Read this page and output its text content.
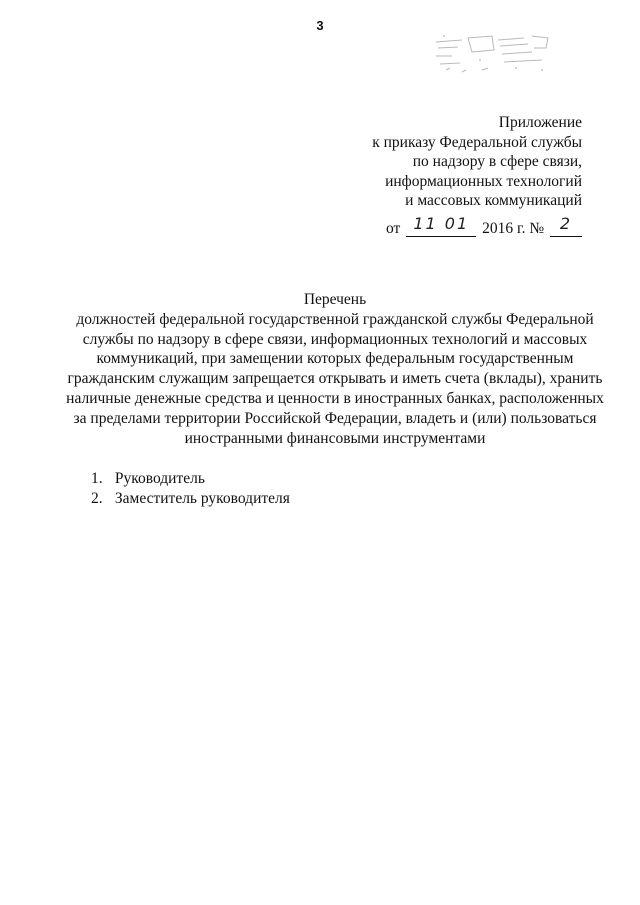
3
Приложение
к приказу Федеральной службы
по надзору в сфере связи,
информационных технологий
и массовых коммуникаций
от 11 01 2016 г. № 2
Перечень
должностей федеральной государственной гражданской службы Федеральной
службы по надзору в сфере связи, информационных технологий и массовых
коммуникаций, при замещении которых федеральным государственным
гражданским служащим запрещается открывать и иметь счета (вклады), хранить
наличные денежные средства и ценности в иностранных банках, расположенных
за пределами территории Российской Федерации, владеть и (или) пользоваться
иностранными финансовыми инструментами
1. Руководитель
2. Заместитель руководителя
